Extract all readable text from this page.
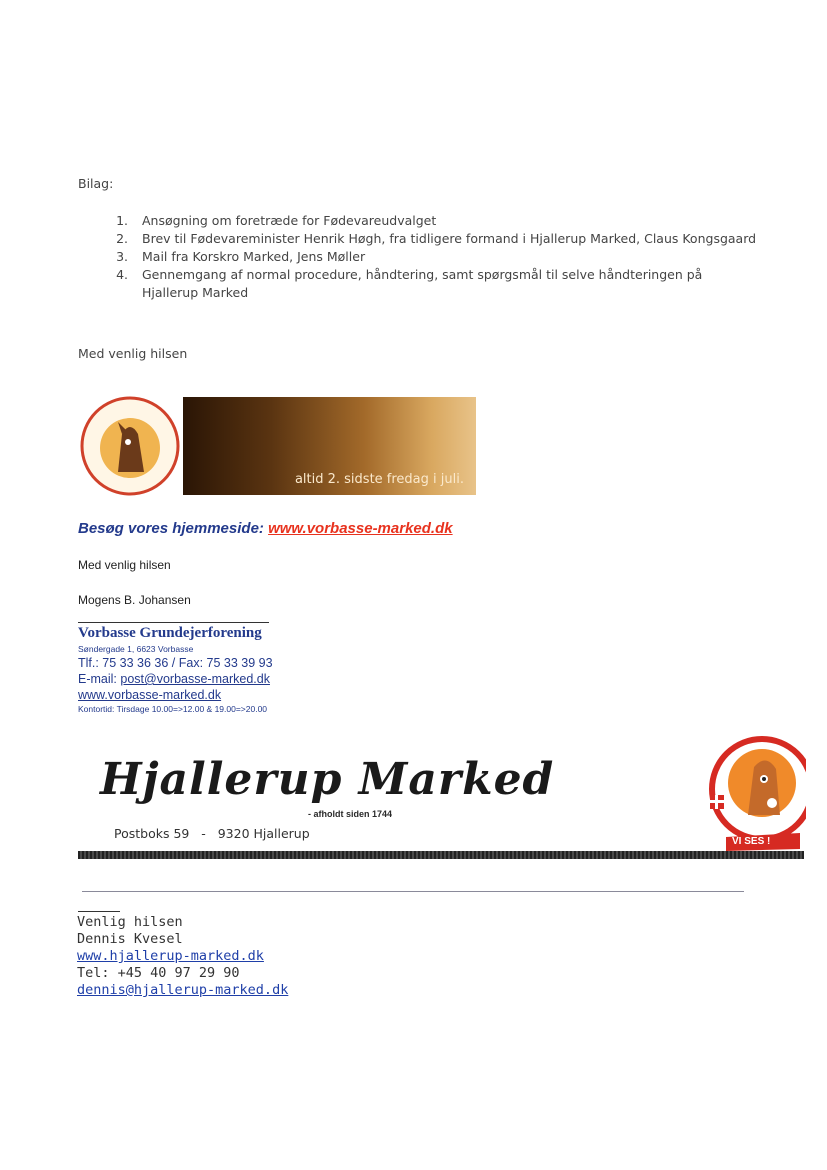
Bilag:
1.	Ansøgning om foretræde for Fødevareudvalget
2.	Brev til Fødevareminister Henrik Høgh, fra tidligere formand i Hjallerup Marked, Claus Kongsgaard
3.	Mail fra Korskro Marked, Jens Møller
4.	Gennemgang af normal procedure, håndtering, samt spørgsmål til selve håndteringen på Hjallerup Marked
Med venlig hilsen
altid 2. sidste fredag i juli.
Besøg vores hjemmeside: www.vorbasse-marked.dk
Med venlig hilsen
Mogens B. Johansen
Vorbasse Grundejerforening
Søndergade 1, 6623 Vorbasse
Tlf.: 75 33 36 36 / Fax: 75 33 39 93
E-mail: post@vorbasse-marked.dk
www.vorbasse-marked.dk
Kontortid: Tirsdage 10.00=>12.00 & 19.00=>20.00
Hjallerup Marked
- afholdt siden 1744
Postboks 59   -   9320 Hjallerup
VI SES !
Venlig hilsen
Dennis Kvesel
www.hjallerup-marked.dk
Tel: +45 40 97 29 90
dennis@hjallerup-marked.dk
